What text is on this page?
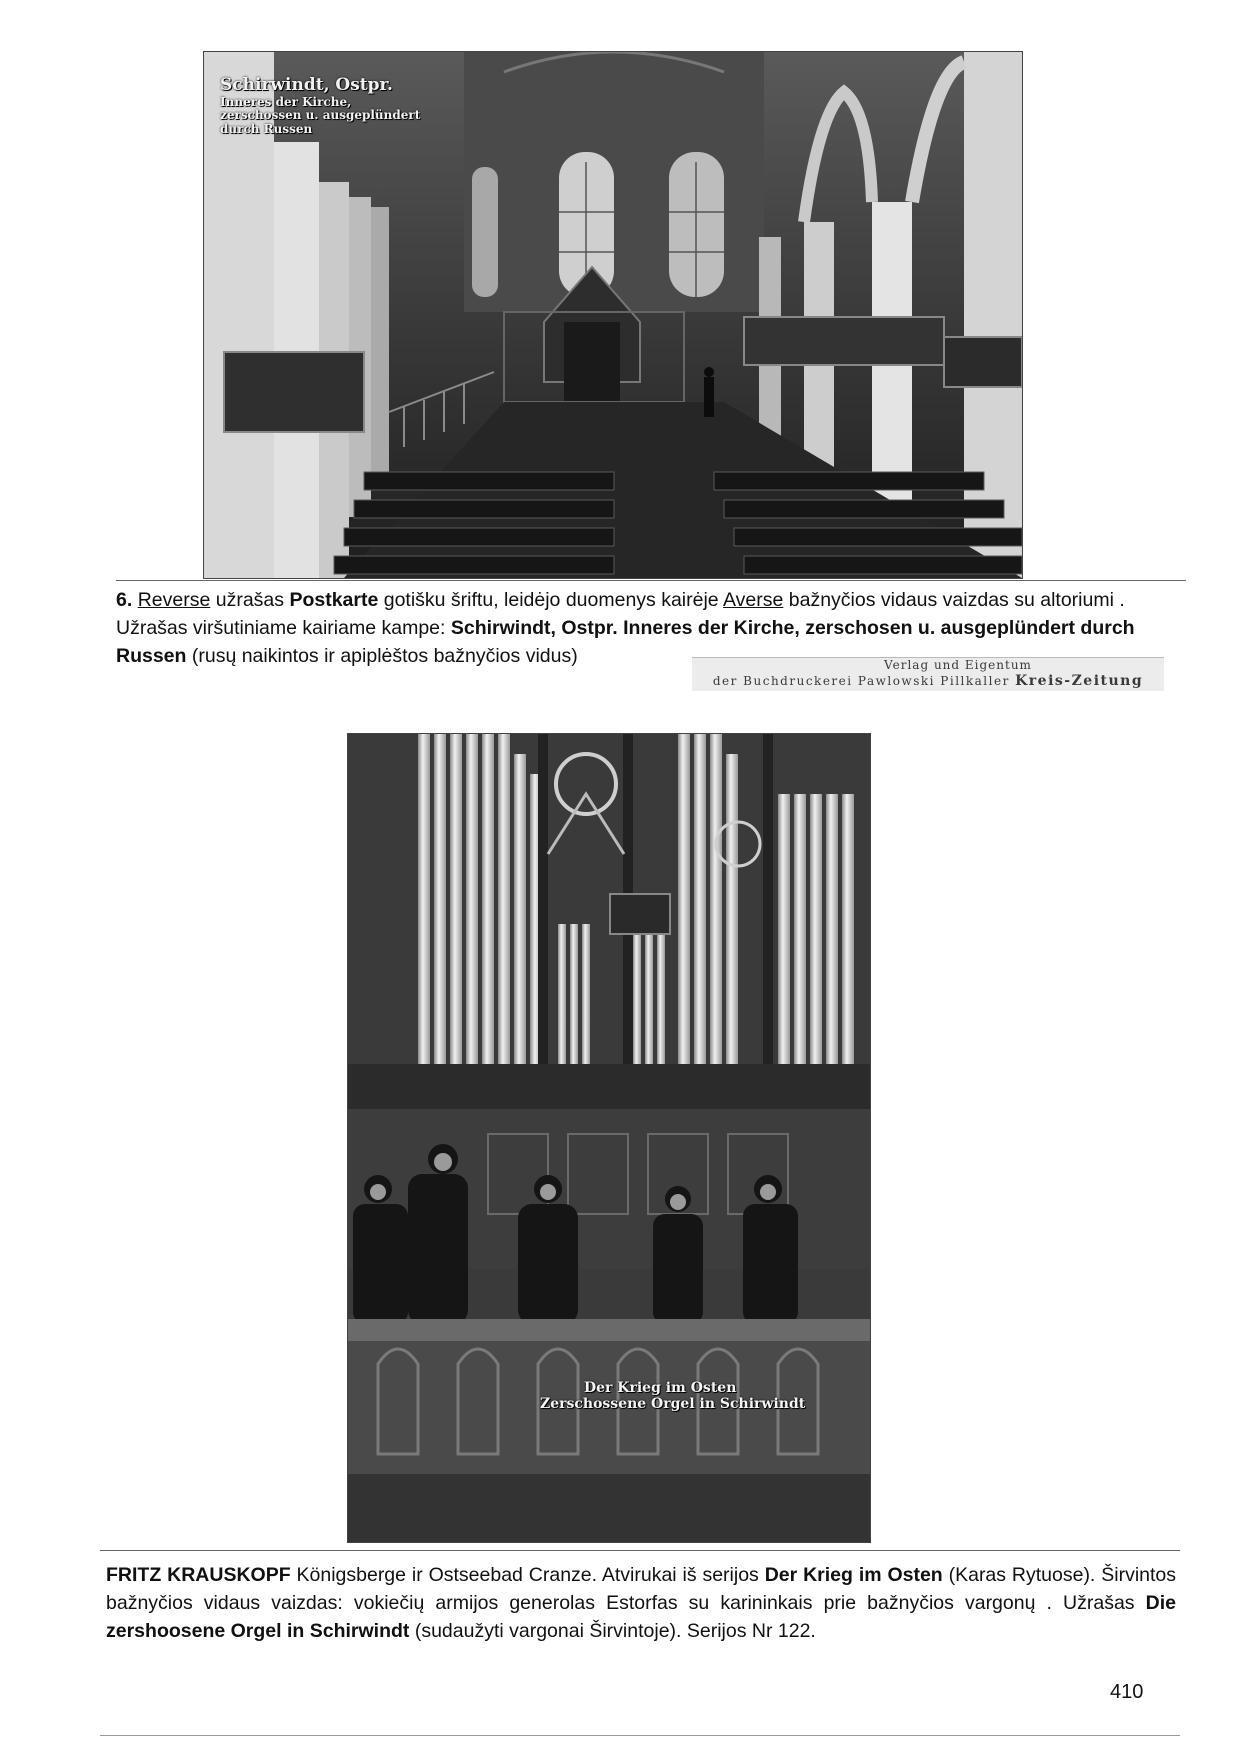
Schirwindt, Ostpr.
Inneres der Kirche,
zerschossen u. ausgeplündert
durch Russen
6. Reverse užrašas Postkarte gotišku šriftu, leidėjo duomenys kairėje Averse bažnyčios vidaus vaizdas su altoriumi .
Užrašas viršutiniame kairiame kampe: Schirwindt, Ostpr. Inneres der Kirche, zerschosen u. ausgeplündert durch
Russen (rusų naikintos ir apiplėštos bažnyčios vidus)	Verlag und Eigentum
der Buchdruckerei Pawlowski Pillkaller Kreis-Zeitung
Der Krieg im Osten
Zerschossene Orgel in Schirwindt
FRITZ KRAUSKOPF Königsberge ir Ostseebad Cranze. Atvirukai iš serijos Der Krieg im Osten (Karas Rytuose). Širvintos bažnyčios vidaus vaizdas: vokiečių armijos generolas Estorfas su karininkais prie bažnyčios vargonų . Užrašas Die zershoosene Orgel in Schirwindt (sudaužyti vargonai Širvintoje). Serijos Nr 122.
410
